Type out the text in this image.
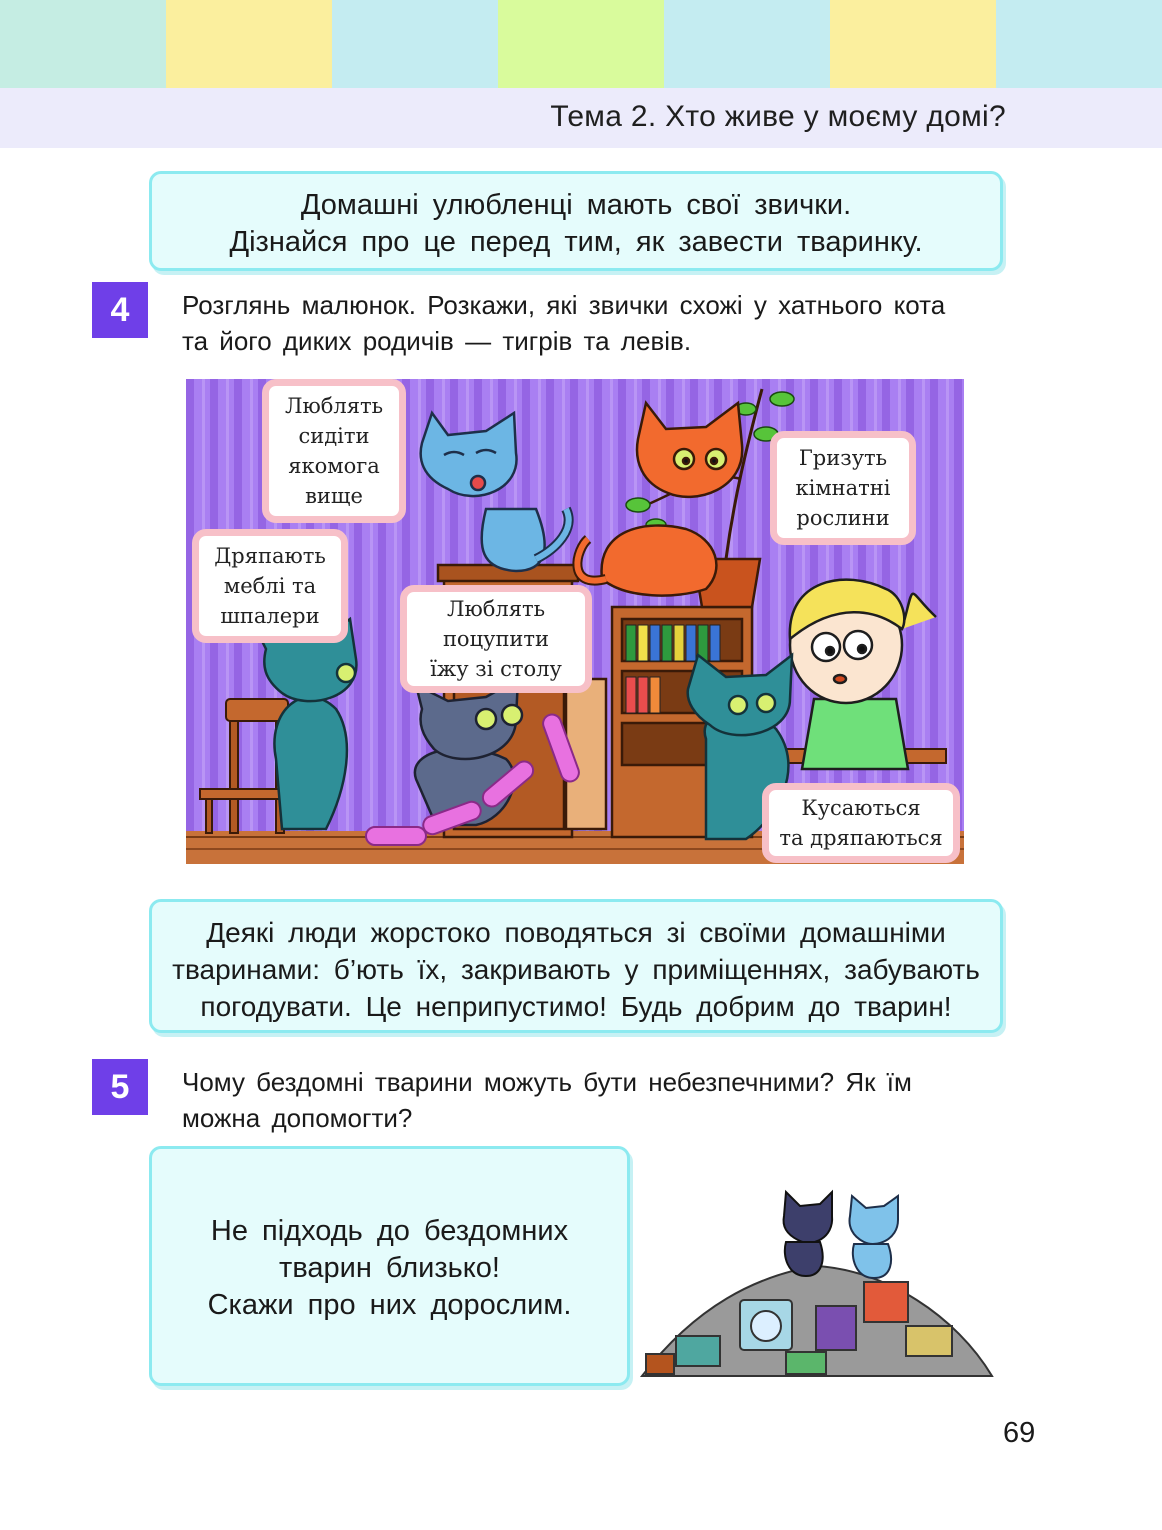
Тема 2. Хто живе у моєму домі?
Домашні улюбленці мають свої звички.
Дізнайся про це перед тим, як завести тваринку.
4	Розглянь малюнок. Розкажи, які звички схожі у хатнього кота
та його диких родичів — тигрів та левів.
Люблять
сидіти
якомога
вище
Гризуть
кімнатні
рослини
Дряпають
меблі та
шпалери	Люблять
поцупити
їжу зі столу
Кусаються
та дряпаються
Деякі люди жорстоко поводяться зі своїми домашніми
тваринами: б’ють їх, закривають у приміщеннях, забувають
погодувати. Це неприпустимо! Будь добрим до тварин!
5	Чому бездомні тварини можуть бути небезпечними? Як їм
можна допомогти?
Не підходь до бездомних
тварин близько!
Скажи про них дорослим.
69
